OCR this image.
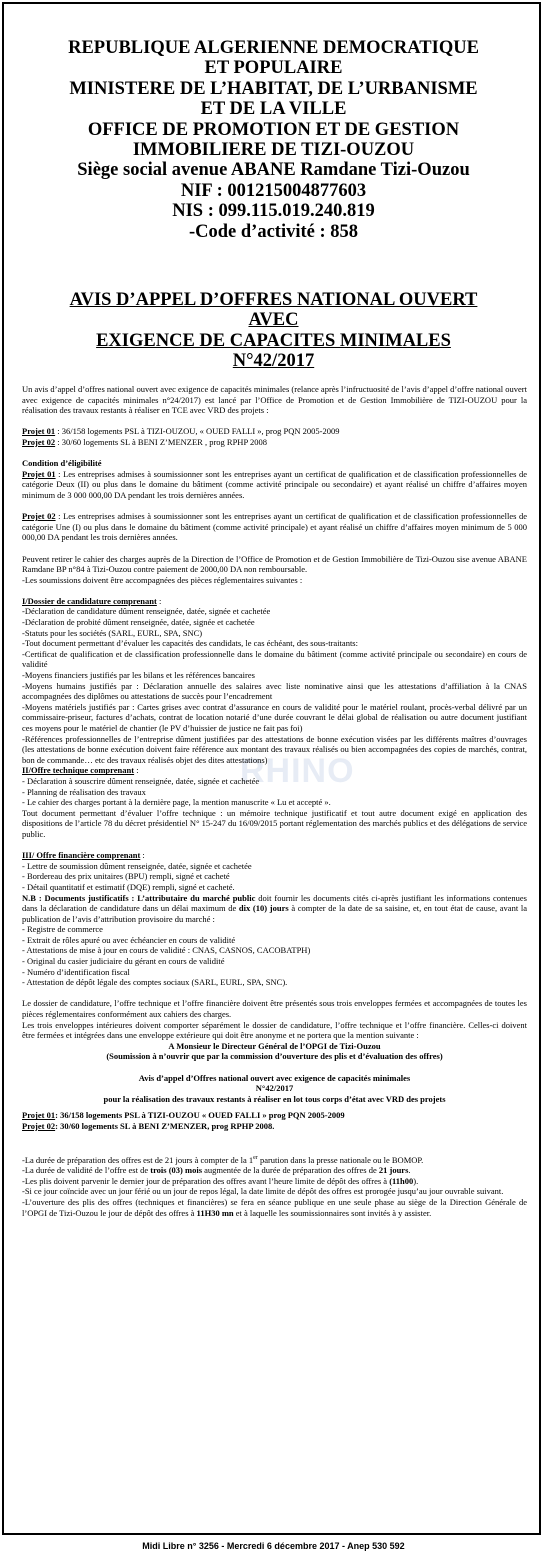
RHINO
REPUBLIQUE ALGERIENNE DEMOCRATIQUE
ET POPULAIRE
MINISTERE DE L’HABITAT, DE L’URBANISME
ET DE LA VILLE
OFFICE DE PROMOTION ET DE GESTION
IMMOBILIERE DE TIZI-OUZOU
Siège social avenue ABANE Ramdane Tizi-Ouzou
NIF : 001215004877603
NIS : 099.115.019.240.819
-Code d’activité : 858
AVIS D’APPEL D’OFFRES NATIONAL OUVERT
AVEC
EXIGENCE DE CAPACITES MINIMALES
N°42/2017

Un avis d’appel d’offres national ouvert avec exigence de capacités minimales (relance après l’infructuosité de l’avis d’appel d’offre national ouvert avec exigence de capacités minimales n°24/2017) est lancé par l’Office de Promotion et de Gestion Immobilière de TIZI-OUZOU pour la réalisation des travaux restants à réaliser en TCE avec VRD des projets :

Projet 01 : 36/158 logements PSL à TIZI-OUZOU, « OUED FALLI », prog PQN 2005-2009

Projet 02 : 30/60 logements SL à BENI Z’MENZER , prog RPHP 2008

Condition d’éligibilité

Projet 01 : Les entreprises admises à soumissionner sont les entreprises ayant un certificat de qualification et de classification professionnelles de catégorie Deux (II) ou plus dans le domaine du bâtiment (comme activité principale ou secondaire) et ayant réalisé un chiffre d’affaires moyen minimum de 3 000 000,00 DA pendant les trois dernières années.

Projet 02 : Les entreprises admises à soumissionner sont les entreprises ayant un certificat de qualification et de classification professionnelles de catégorie Une (I) ou plus dans le domaine du bâtiment (comme activité principale) et ayant réalisé un chiffre d’affaires moyen minimum de 5 000 000,00 DA pendant les trois dernières années.

Peuvent retirer le cahier des charges auprès de la Direction de l’Office de Promotion et de Gestion Immobilière de Tizi-Ouzou sise avenue ABANE Ramdane BP n°84 à Tizi-Ouzou contre paiement de 2000,00 DA non remboursable.

-Les soumissions doivent être accompagnées des pièces réglementaires suivantes :

I/Dossier de candidature comprenant :

-Déclaration de candidature dûment renseignée, datée, signée et cachetée

-Déclaration de probité dûment renseignée, datée, signée et cachetée

-Statuts pour les sociétés (SARL, EURL, SPA, SNC)

-Tout document permettant d’évaluer les capacités des candidats, le cas échéant, des sous-traitants:

-Certificat de qualification et de classification professionnelle dans le domaine du bâtiment (comme activité principale ou secondaire) en cours de validité

-Moyens financiers justifiés par les bilans et les références bancaires

-Moyens humains justifiés par : Déclaration annuelle des salaires avec liste nominative ainsi que les attestations d’affiliation à la CNAS accompagnées des diplômes ou attestations de succès pour l’encadrement

-Moyens matériels justifiés par : Cartes grises avec contrat d’assurance en cours de validité pour le matériel roulant, procès-verbal délivré par un commissaire-priseur, factures d’achats, contrat de location notarié d’une durée couvrant le délai global de réalisation ou autre document justifiant ces moyens pour le matériel de chantier (le PV d’huissier de justice ne fait pas foi)

-Références professionnelles de l’entreprise dûment justifiées par des attestations de bonne exécution visées par les différents maîtres d’ouvrages (les attestations de bonne exécution doivent faire référence aux montant des travaux réalisés ou bien accompagnées des copies de marchés, contrat, bon de commande… etc des travaux réalisés objet des dites attestations)

II/Offre technique comprenant :

- Déclaration à souscrire dûment renseignée, datée, signée et cachetée

- Planning de réalisation des travaux

- Le cahier des charges portant à la dernière page, la mention manuscrite « Lu et accepté ».

Tout document permettant d’évaluer l’offre technique : un mémoire technique justificatif et tout autre document exigé en application des dispositions de l’article 78 du décret présidentiel N° 15-247 du 16/09/2015 portant réglementation des marchés publics et des délégations de service public.

III/ Offre financière comprenant :

- Lettre de soumission dûment renseignée, datée, signée et cachetée

- Bordereau des prix unitaires (BPU) rempli, signé et cacheté

- Détail quantitatif et estimatif (DQE) rempli, signé et cacheté.

N.B : Documents justificatifs : L’attributaire du marché public doit fournir les documents cités ci-après justifiant les informations contenues dans la déclaration de candidature dans un délai maximum de dix (10) jours à compter de la date de sa saisine, et, en tout état de cause, avant la publication de l’avis d’attribution provisoire du marché :

- Registre de commerce

- Extrait de rôles apuré ou avec échéancier en cours de validité

- Attestations de mise à jour en cours de validité : CNAS, CASNOS, CACOBATPH)

- Original du casier judiciaire du gérant en cours de validité

- Numéro d’identification fiscal

- Attestation de dépôt légale des comptes sociaux (SARL, EURL, SPA, SNC).

Le dossier de candidature, l’offre technique et l’offre financière doivent être présentés sous trois enveloppes fermées et accompagnées de toutes les pièces réglementaires conformément aux cahiers des charges.

Les trois enveloppes intérieures doivent comporter séparément le dossier de candidature, l’offre technique et l’offre financière. Celles-ci doivent être fermées et intégrées dans une enveloppe extérieure qui doit être anonyme et ne portera que la mention suivante :

A Monsieur le Directeur Général de l’OPGI de Tizi-Ouzou

(Soumission à n’ouvrir que par la commission d’ouverture des plis et d’évaluation des offres)

Avis d’appel d’Offres national ouvert avec exigence de capacités minimales

N°42/2017

pour la réalisation des travaux restants à réaliser en lot tous corps d’état avec VRD des projets

Projet 01: 36/158 logements PSL à TIZI-OUZOU « OUED FALLI » prog PQN 2005-2009

Projet 02: 30/60 logements SL à BENI Z’MENZER, prog RPHP 2008.

-La durée de préparation des offres est de 21 jours à compter de la 1er parution dans la presse nationale ou le BOMOP.

-La durée de validité de l’offre est de trois (03) mois augmentée de la durée de préparation des offres de 21 jours.

-Les plis doivent parvenir le dernier jour de préparation des offres avant l’heure limite de dépôt des offres à (11h00).

-Si ce jour coïncide avec un jour férié ou un jour de repos légal, la date limite de dépôt des offres est prorogée jusqu’au jour ouvrable suivant.

-L’ouverture des plis des offres (techniques et financières) se fera en séance publique en une seule phase au siège de la Direction Générale de l’OPGI de Tizi-Ouzou le jour de dépôt des offres à 11H30 mn et à laquelle les soumissionnaires sont invités à y assister.

Midi Libre n° 3256 - Mercredi 6 décembre 2017 - Anep 530 592
